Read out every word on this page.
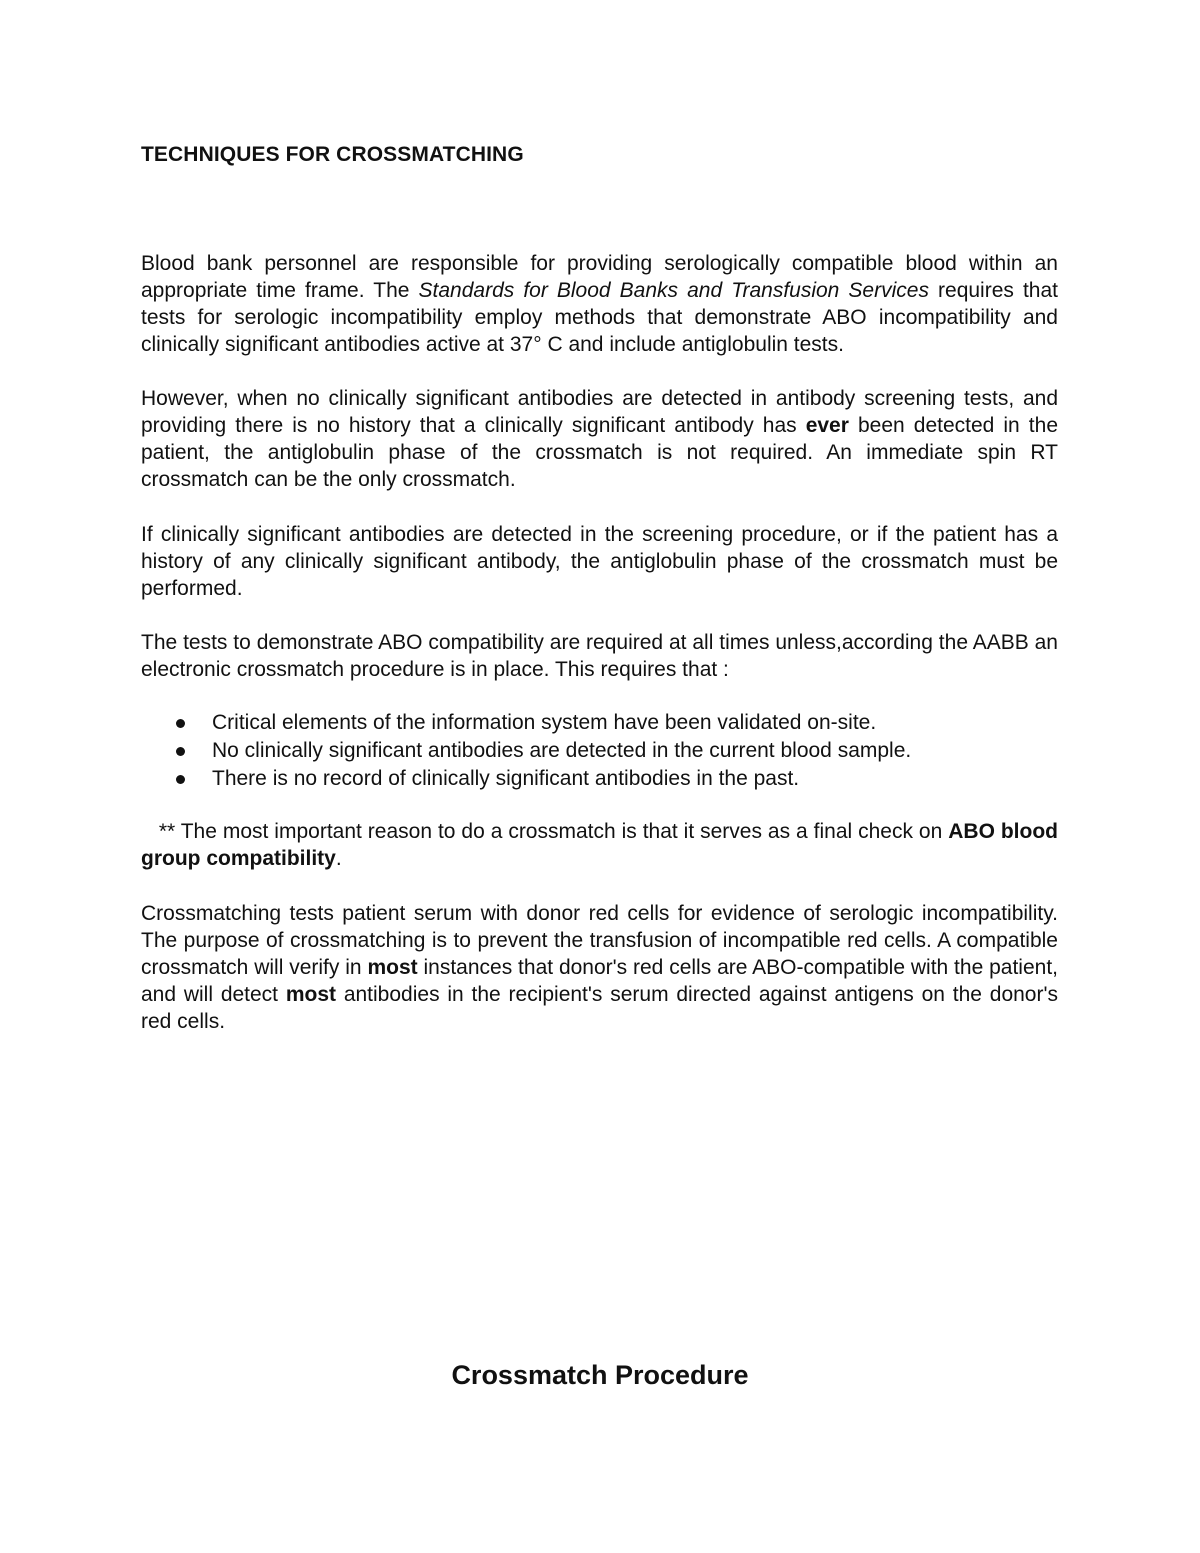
TECHNIQUES FOR CROSSMATCHING

Blood bank personnel are responsible for providing serologically compatible blood within an appropriate time frame. The Standards for Blood Banks and Transfusion Services requires that tests for serologic incompatibility employ methods that demonstrate ABO incompatibility and clinically significant antibodies active at 37° C and include antiglobulin tests.

However, when no clinically significant antibodies are detected in antibody screening tests, and providing there is no history that a clinically significant antibody has ever been detected in the patient, the antiglobulin phase of the crossmatch is not required. An immediate spin RT crossmatch can be the only crossmatch.

If clinically significant antibodies are detected in the screening procedure, or if the patient has a history of any clinically significant antibody, the antiglobulin phase of the crossmatch must be performed.

The tests to demonstrate ABO compatibility are required at all times unless,according the AABB an electronic crossmatch procedure is in place. This requires that :

Critical elements of the information system have been validated on-site.
No clinically significant antibodies are detected in the current blood sample.
There is no record of clinically significant antibodies in the past.

** The most important reason to do a crossmatch is that it serves as a final check on ABO blood group compatibility.

Crossmatching tests patient serum with donor red cells for evidence of serologic incompatibility. The purpose of crossmatching is to prevent the transfusion of incompatible red cells. A compatible crossmatch will verify in most instances that donor's red cells are ABO-compatible with the patient, and will detect most antibodies in the recipient's serum directed against antigens on the donor's red cells.

Crossmatch Procedure
